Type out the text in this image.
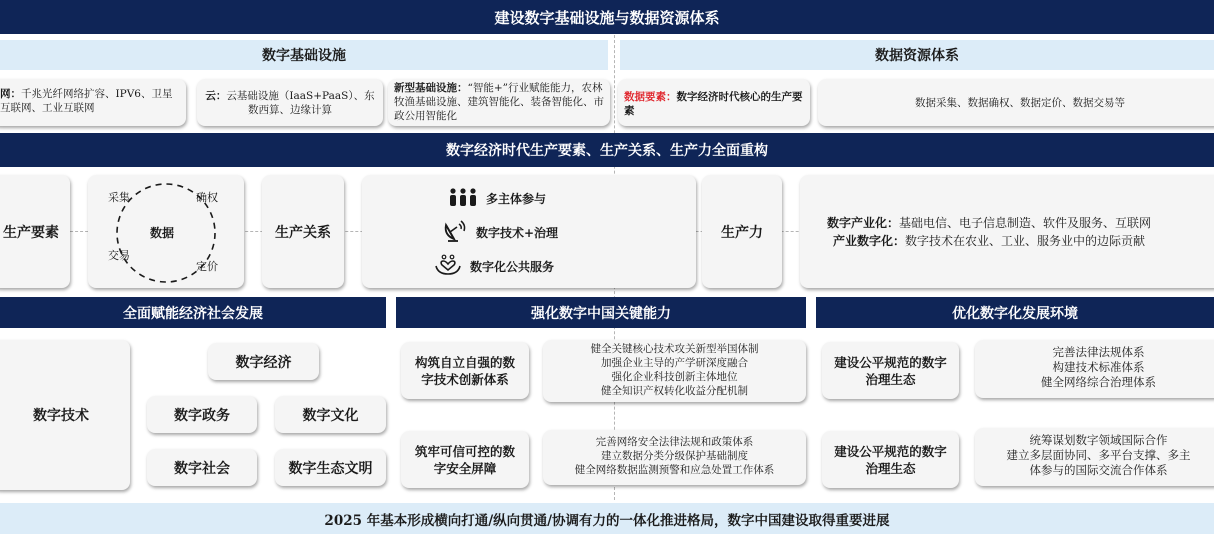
建设数字基础设施与数据资源体系
数字基础设施	数据资源体系
网：千兆光纤网络扩容、IPV6、卫星互联网、工业互联网
云：云基础设施（IaaS+PaaS）、东数西算、边缘计算
新型基础设施：“智能+”行业赋能能力，农林牧渔基础设施、建筑智能化、装备智能化、市政公用智能化
数据要素：数字经济时代核心的生产要素
数据采集、数据确权、数据定价、数据交易等
数字经济时代生产要素、生产关系、生产力全面重构
生产要素	数据
采集	确权
交易
定价
生产关系
多主体参与
数字技术+治理
数字化公共服务
生产力
数字产业化：基础电信、电子信息制造、软件及服务、互联网
产业数字化：数字技术在农业、工业、服务业中的边际贡献
全面赋能经济社会发展	强化数字中国关键能力	优化数字化发展环境
数字技术
数字经济
数字政务	数字文化
数字社会	数字生态文明
构筑自立自强的数字技术创新体系
健全关键核心技术攻关新型举国体制
加强企业主导的产学研深度融合
强化企业科技创新主体地位
健全知识产权转化收益分配机制
筑牢可信可控的数字安全屏障
完善网络安全法律法规和政策体系
建立数据分类分级保护基础制度
健全网络数据监测预警和应急处置工作体系
建设公平规范的数字治理生态
完善法律法规体系
构建技术标准体系
健全网络综合治理体系
建设公平规范的数字治理生态
统筹谋划数字领域国际合作
建立多层面协同、多平台支撑、多主
体参与的国际交流合作体系
2025 年基本形成横向打通/纵向贯通/协调有力的一体化推进格局，数字中国建设取得重要进展
